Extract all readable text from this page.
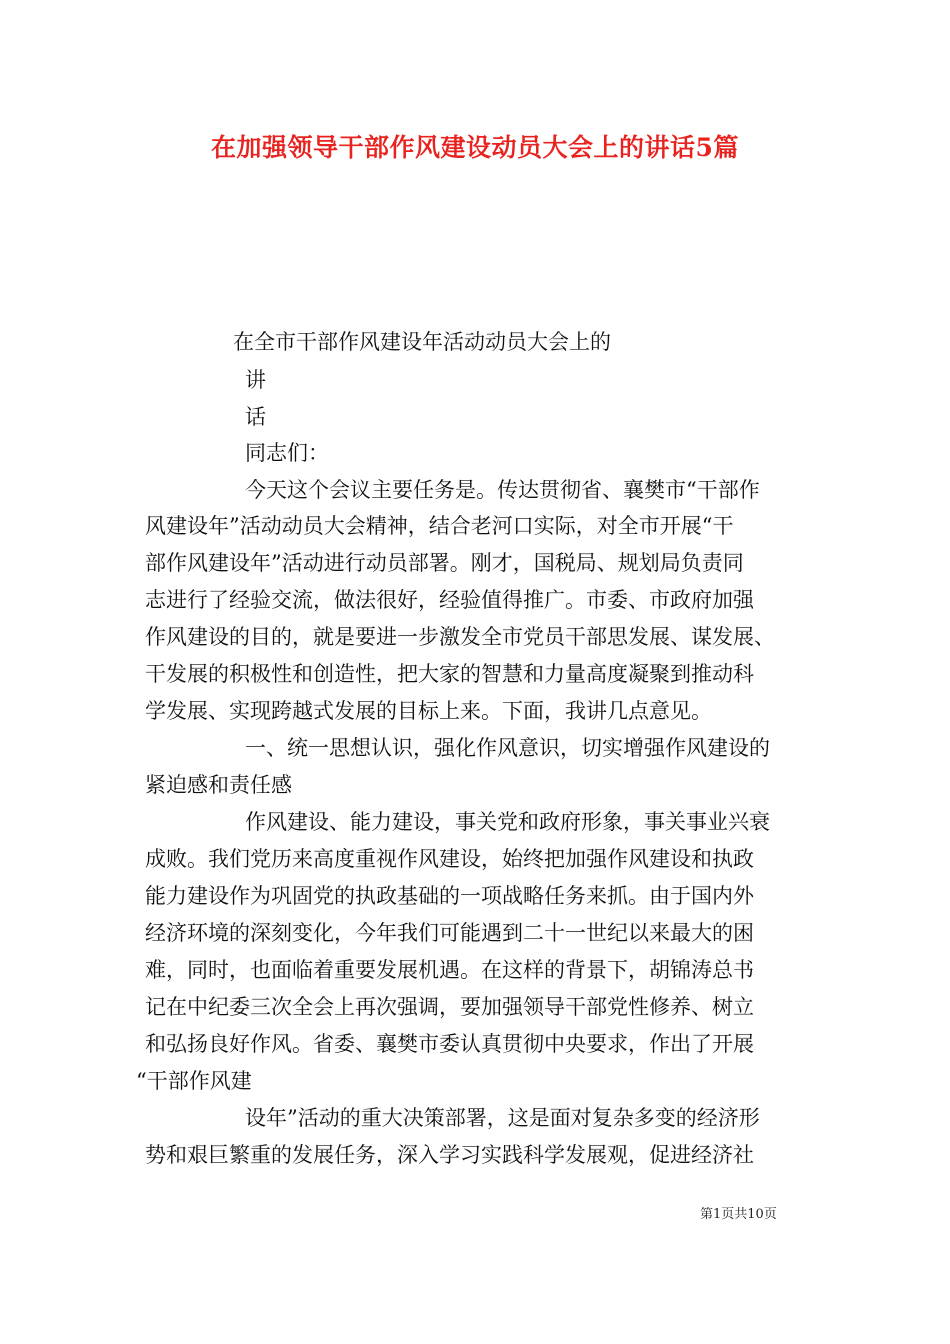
在加强领导干部作风建设动员大会上的讲话5篇
在全市干部作风建设年活动动员大会上的
讲
话
同志们：
今天这个会议主要任务是。传达贯彻省、襄樊市“干部作
风建设年”活动动员大会精神，结合老河口实际，对全市开展“干
部作风建设年”活动进行动员部署。刚才，国税局、规划局负责同
志进行了经验交流，做法很好，经验值得推广。市委、市政府加强
作风建设的目的，就是要进一步激发全市党员干部思发展、谋发展、
干发展的积极性和创造性，把大家的智慧和力量高度凝聚到推动科
学发展、实现跨越式发展的目标上来。下面，我讲几点意见。
一、统一思想认识，强化作风意识，切实增强作风建设的
紧迫感和责任感
作风建设、能力建设，事关党和政府形象，事关事业兴衰
成败。我们党历来高度重视作风建设，始终把加强作风建设和执政
能力建设作为巩固党的执政基础的一项战略任务来抓。由于国内外
经济环境的深刻变化，今年我们可能遇到二十一世纪以来最大的困
难，同时，也面临着重要发展机遇。在这样的背景下，胡锦涛总书
记在中纪委三次全会上再次强调，要加强领导干部党性修养、树立
和弘扬良好作风。省委、襄樊市委认真贯彻中央要求，作出了开展
“干部作风建
设年”活动的重大决策部署，这是面对复杂多变的经济形
势和艰巨繁重的发展任务，深入学习实践科学发展观，促进经济社
第1页共10页
